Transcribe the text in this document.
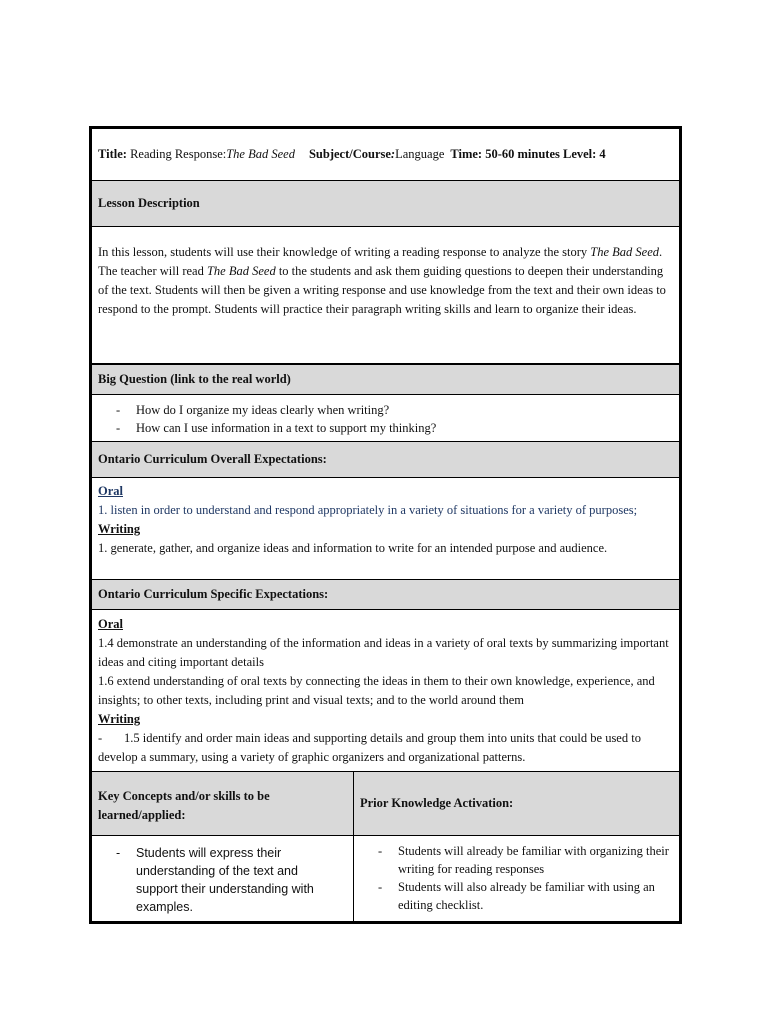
Title:
Reading Response: The Bad Seed Subject/Course : Language Time: 50-60 minutes Level: 4
Lesson Description
In this lesson, students will use their knowledge of writing a reading response to analyze the story The Bad Seed. The teacher will read The Bad Seed to the students and ask them guiding questions to deepen their understanding of the text. Students will then be given a writing response and use knowledge from the text and their own ideas to respond to the prompt. Students will practice their paragraph writing skills and learn to organize their ideas.
Big Question (link to the real world)
- How do I organize my ideas clearly when writing?
- How can I use information in a text to support my thinking?
Ontario Curriculum Overall Expectations:
Oral
1. listen in order to understand and respond appropriately in a variety of situations for a variety of purposes;
Writing
1. generate, gather, and organize ideas and information to write for an intended purpose and audience.
Ontario Curriculum Specific Expectations:
Oral
1.4 demonstrate an understanding of the information and ideas in a variety of oral texts by summarizing important ideas and citing important details
1.6 extend understanding of oral texts by connecting the ideas in them to their own knowledge, experience, and insights; to other texts, including print and visual texts; and to the world around them
Writing
-       1.5 identify and order main ideas and supporting details and group them into units that could be used to develop a summary, using a variety of graphic organizers and organizational patterns.
Key Concepts and/or skills to be learned/applied:
Prior Knowledge Activation:
- Students will express their understanding of the text and support their understanding with examples.
- Students will already be familiar with organizing their writing for reading responses
- Students will also already be familiar with using an editing checklist.
